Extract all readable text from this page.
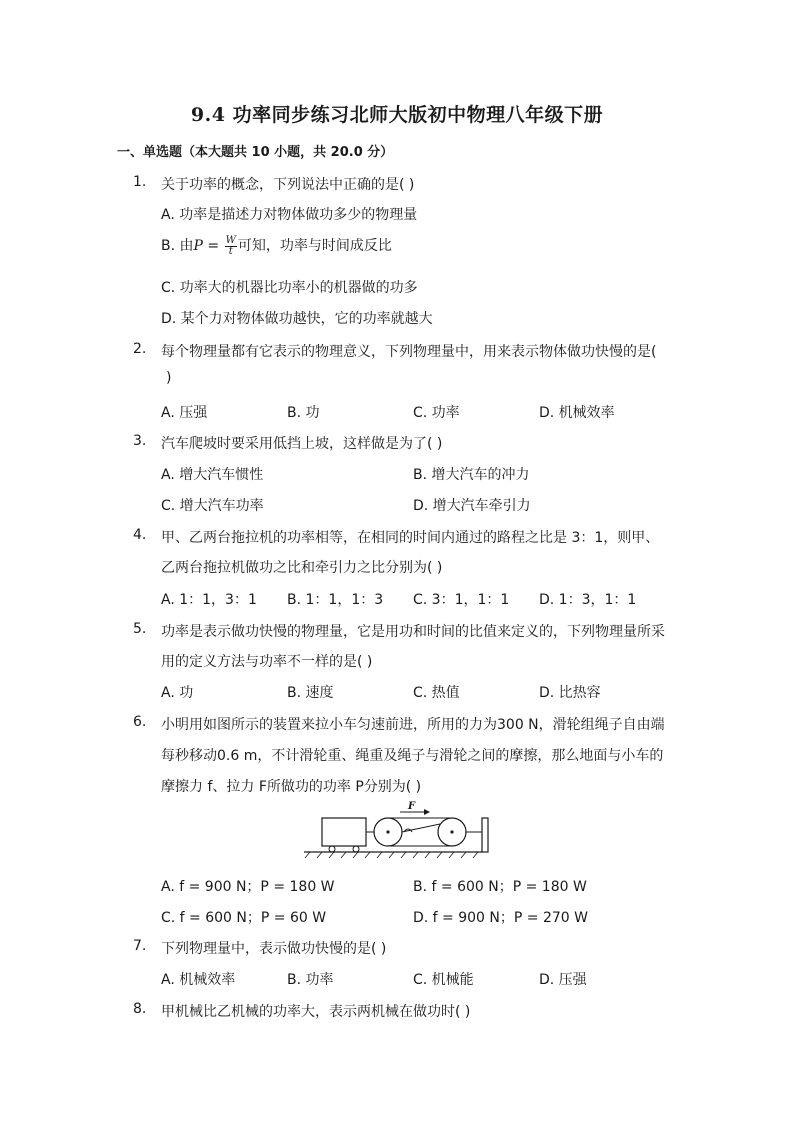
9.4 功率同步练习北师大版初中物理八年级下册
一、单选题（本大题共 10 小题，共 20.0 分）
1. 关于功率的概念，下列说法中正确的是( )
A. 功率是描述力对物体做功多少的物理量
B. 由$P = \frac{W}{t}$ 可知，功率与时间成反比
C. 功率大的机器比功率小的机器做的功多
D. 某个力对物体做功越快，它的功率就越大
2. 每个物理量都有它表示的物理意义，下列物理量中，用来表示物体做功快慢的是(
)
A. 压强	B. 功	C. 功率	D. 机械效率
3. 汽车爬坡时要采用低挡上坡，这样做是为了( )
A. 增大汽车惯性	B. 增大汽车的冲力
C. 增大汽车功率	D. 增大汽车牵引力
4. 甲、乙两台拖拉机的功率相等，在相同的时间内通过的路程之比是 3：1，则甲、
乙两台拖拉机做功之比和牵引力之比分别为( )
A. 1：1，3：1 B. 1：1，1：3 C. 3：1，1：1 D. 1：3，1：1
5. 功率是表示做功快慢的物理量，它是用功和时间的比值来定义的，下列物理量所采
用的定义方法与功率不一样的是( )
A. 功	B. 速度	C. 热值	D. 比热容
6. 小明用如图所示的装置来拉小车匀速前进，所用的力为300 N，滑轮组绳子自由端
每秒移动0.6 m，不计滑轮重、绳重及绳子与滑轮之间的摩擦，那么地面与小车的
摩擦力 f、拉力 F所做功的功率 P分别为( )
F
A. f = 900 N；P = 180 W	B. f = 600 N；P = 180 W
C. f = 600 N；P = 60 W	D. f = 900 N；P = 270 W
7. 下列物理量中，表示做功快慢的是( )
A. 机械效率	B. 功率	C. 机械能	D. 压强
8. 甲机械比乙机械的功率大，表示两机械在做功时( )
